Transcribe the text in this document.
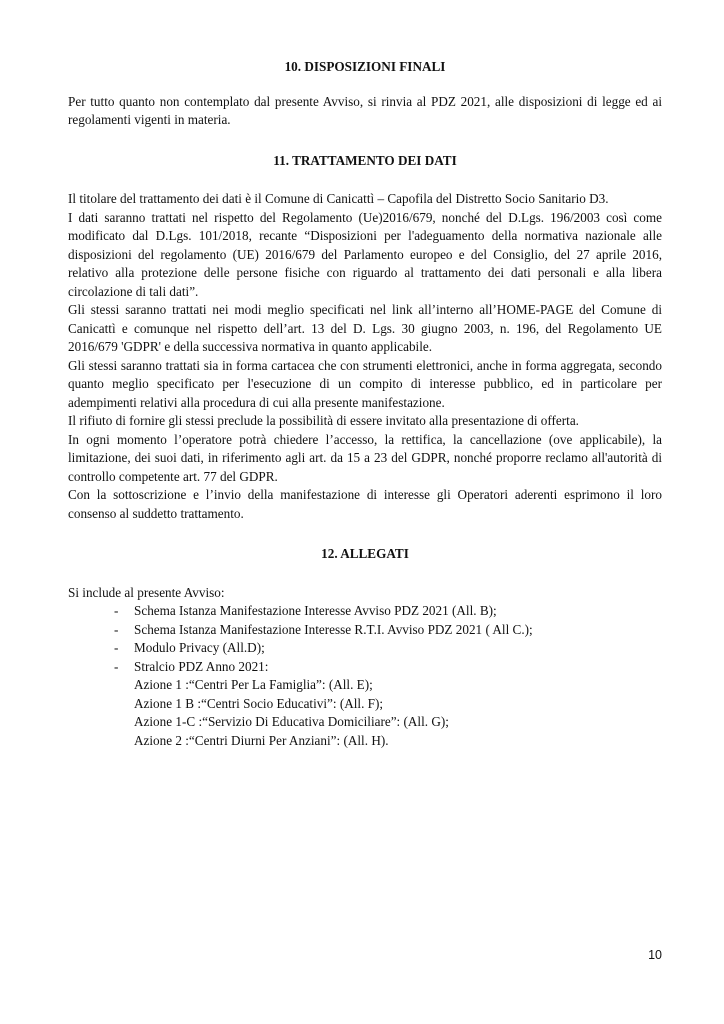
10. DISPOSIZIONI FINALI

Per tutto quanto non contemplato dal presente Avviso, si rinvia al PDZ 2021, alle disposizioni di legge ed ai regolamenti vigenti in materia.

11. TRATTAMENTO DEI DATI

Il titolare del trattamento dei dati è il Comune di Canicattì – Capofila del Distretto Socio Sanitario D3.

I dati saranno trattati nel rispetto del Regolamento (Ue)2016/679, nonché del D.Lgs. 196/2003 così come modificato dal D.Lgs. 101/2018, recante “Disposizioni per l'adeguamento della normativa nazionale alle disposizioni del regolamento (UE) 2016/679 del Parlamento europeo e del Consiglio, del 27 aprile 2016, relativo alla protezione delle persone fisiche con riguardo al trattamento dei dati personali e alla libera circolazione di tali dati”.

Gli stessi saranno trattati nei modi meglio specificati nel link all’interno all’HOME-PAGE del Comune di Canicattì e comunque nel rispetto dell’art. 13 del D. Lgs. 30 giugno 2003, n. 196, del Regolamento UE 2016/679 'GDPR' e della successiva normativa in quanto applicabile.

Gli stessi saranno trattati sia in forma cartacea che con strumenti elettronici, anche in forma aggregata, secondo quanto meglio specificato per l'esecuzione di un compito di interesse pubblico, ed in particolare per adempimenti relativi alla procedura di cui alla presente manifestazione.

Il rifiuto di fornire gli stessi preclude la possibilità di essere invitato alla presentazione di offerta.

In ogni momento l’operatore potrà chiedere l’accesso, la rettifica, la cancellazione (ove applicabile), la limitazione, dei suoi dati, in riferimento agli art. da 15 a 23 del GDPR, nonché proporre reclamo all'autorità di controllo competente art. 77 del GDPR.

Con la sottoscrizione e l’invio della manifestazione di interesse gli Operatori aderenti esprimono il loro consenso al suddetto trattamento.

12. ALLEGATI

Si include al presente Avviso:

- Schema Istanza Manifestazione Interesse Avviso PDZ 2021 (All. B);
- Schema Istanza Manifestazione Interesse R.T.I. Avviso PDZ 2021 ( All C.);
- Modulo Privacy (All.D);
- Stralcio PDZ Anno 2021:
Azione 1 :“Centri Per La Famiglia”: (All. E);
Azione 1 B :“Centri Socio Educativi”: (All. F);
Azione 1-C :“Servizio Di Educativa Domiciliare”: (All. G);
Azione 2 :“Centri Diurni Per Anziani”: (All. H).
10
